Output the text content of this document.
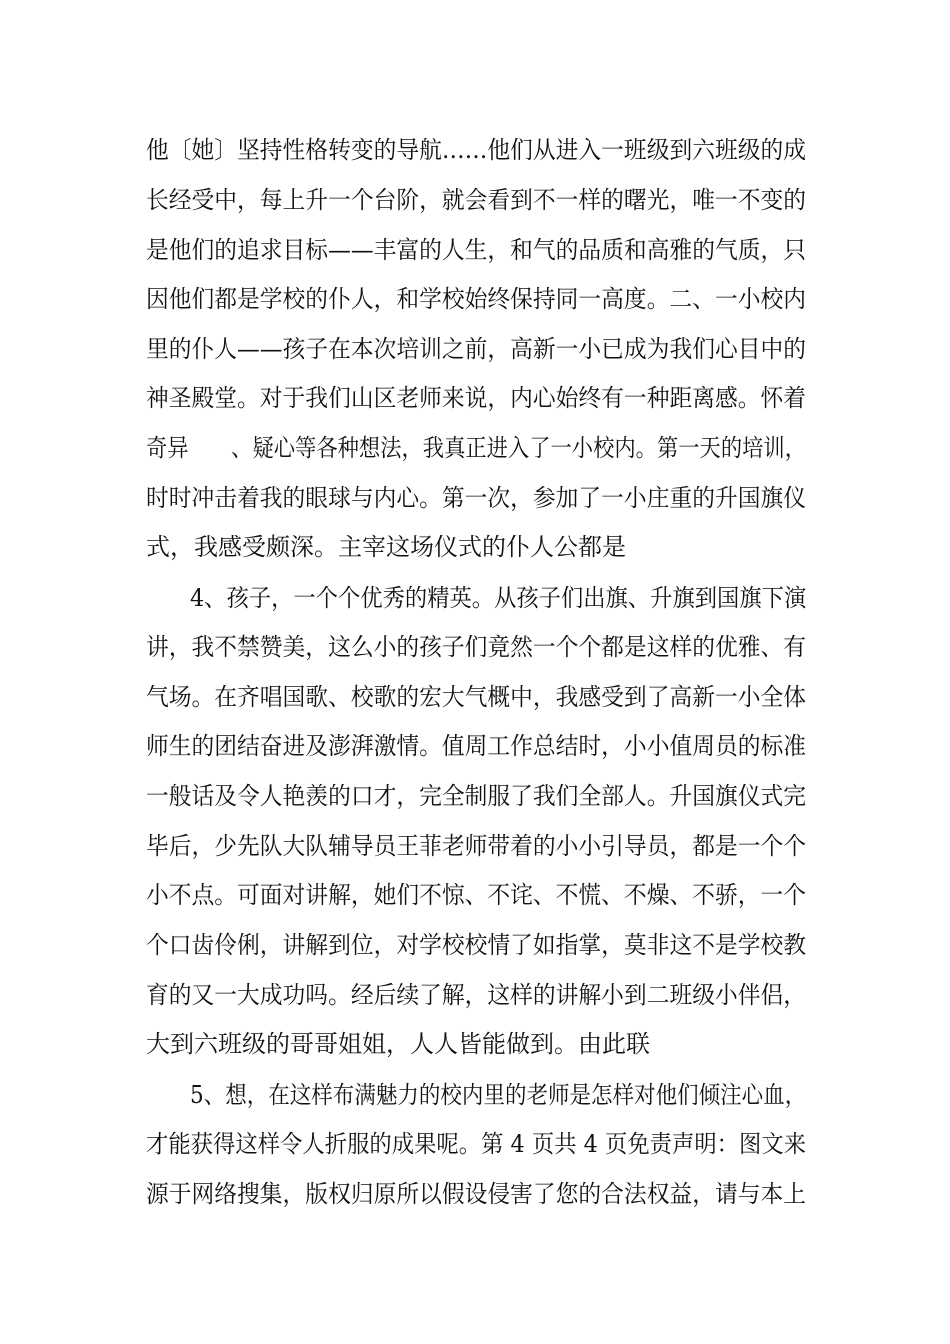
他〔她〕坚持性格转变的导航……他们从进入一班级到六班级的成
长经受中，每上升一个台阶，就会看到不一样的曙光，唯一不变的
是他们的追求目标——丰富的人生，和气的品质和高雅的气质，只
因他们都是学校的仆人，和学校始终保持同一高度。二、一小校内
里的仆人——孩子在本次培训之前，高新一小已成为我们心目中的
神圣殿堂。对于我们山区老师来说，内心始终有一种距离感。怀着
奇异　　、疑心等各种想法，我真正进入了一小校内。第一天的培训，
时时冲击着我的眼球与内心。第一次，参加了一小庄重的升国旗仪
式，我感受颇深。主宰这场仪式的仆人公都是
4、孩子，一个个优秀的精英。从孩子们出旗、升旗到国旗下演
讲，我不禁赞美，这么小的孩子们竟然一个个都是这样的优雅、有
气场。在齐唱国歌、校歌的宏大气概中，我感受到了高新一小全体
师生的团结奋进及澎湃激情。值周工作总结时，小小值周员的标准
一般话及令人艳羡的口才，完全制服了我们全部人。升国旗仪式完
毕后，少先队大队辅导员王菲老师带着的小小引导员，都是一个个
小不点。可面对讲解，她们不惊、不诧、不慌、不燥、不骄，一个
个口齿伶俐，讲解到位，对学校校情了如指掌，莫非这不是学校教
育的又一大成功吗。经后续了解，这样的讲解小到二班级小伴侣，
大到六班级的哥哥姐姐，人人皆能做到。由此联
5、想，在这样布满魅力的校内里的老师是怎样对他们倾注心血，
才能获得这样令人折服的成果呢。第 4 页共 4 页免责声明：图文来
源于网络搜集，版权归原所以假设侵害了您的合法权益，请与本上
